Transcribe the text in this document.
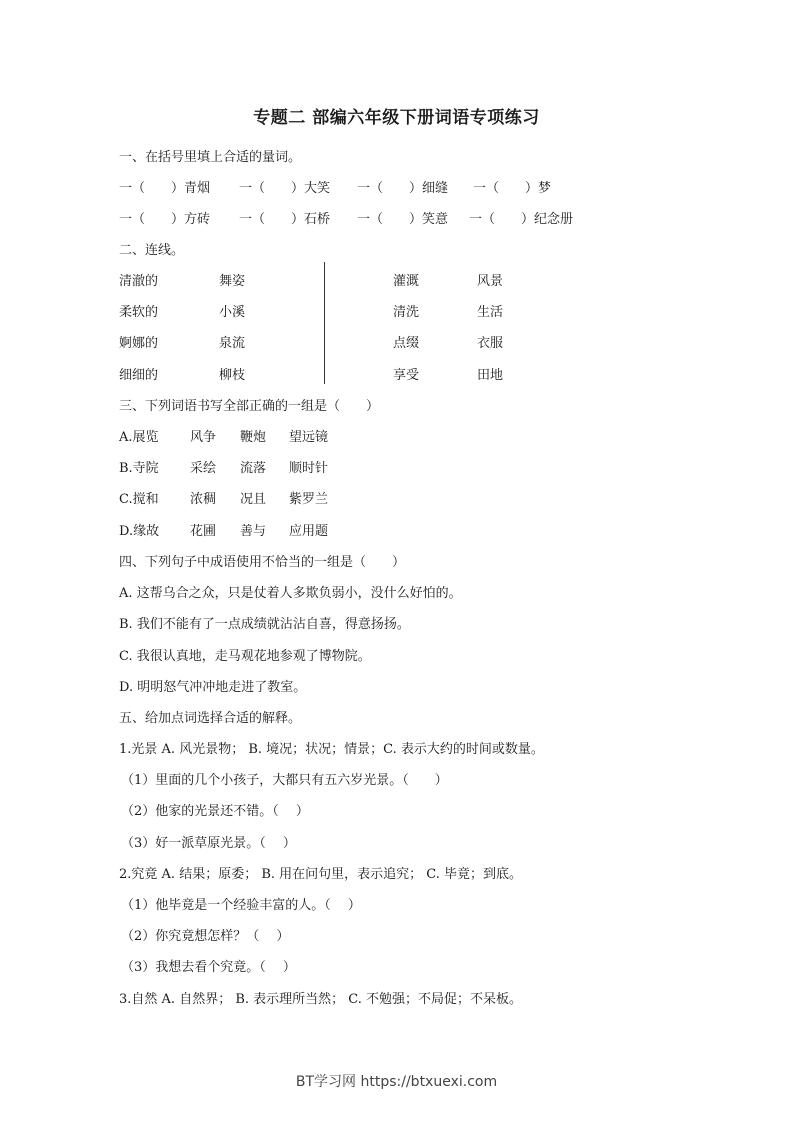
专题二 部编六年级下册词语专项练习
一、在括号里填上合适的量词。
一（　　）青烟 一（　　）大笑 一（　　）细缝 一（　　）梦
一（　　）方砖 一（　　）石桥 一（　　）笑意 一（　　）纪念册
二、连线。
清澈的	舞姿	灌溉	风景
柔软的	小溪	清洗	生活
婀娜的	泉流	点缀	衣服
细细的	柳枝	享受	田地
三、下列词语书写全部正确的一组是（　　）
A.展览 风争 鞭炮 望远镜
B.寺院 采绘 流落 顺时针
C.搅和 浓稠 况且 紫罗兰
D.缘故 花圃 善与 应用题
四、下列句子中成语使用不恰当的一组是（　　）
A. 这帮乌合之众，只是仗着人多欺负弱小，没什么好怕的。
B. 我们不能有了一点成绩就沾沾自喜，得意扬扬。
C. 我很认真地，走马观花地参观了博物院。
D. 明明怒气冲冲地走进了教室。
五、给加点词选择合适的解释。
1.光景 A. 风光景物； B. 境况；状况；情景；C. 表示大约的时间或数量。
（1）里面的几个小孩子，大都只有五六岁光景。（　　）
（2）他家的光景还不错。（　 ）
（3）好一派草原光景。（　 ）
2.究竟 A. 结果；原委； B. 用在问句里，表示追究； C. 毕竟；到底。
（1）他毕竟是一个经验丰富的人。（　 ）
（2）你究竟想怎样？（　 ）
（3）我想去看个究竟。（　 ）
3.自然 A. 自然界； B. 表示理所当然； C. 不勉强；不局促；不呆板。
BT学习网 https://btxuexi.com
